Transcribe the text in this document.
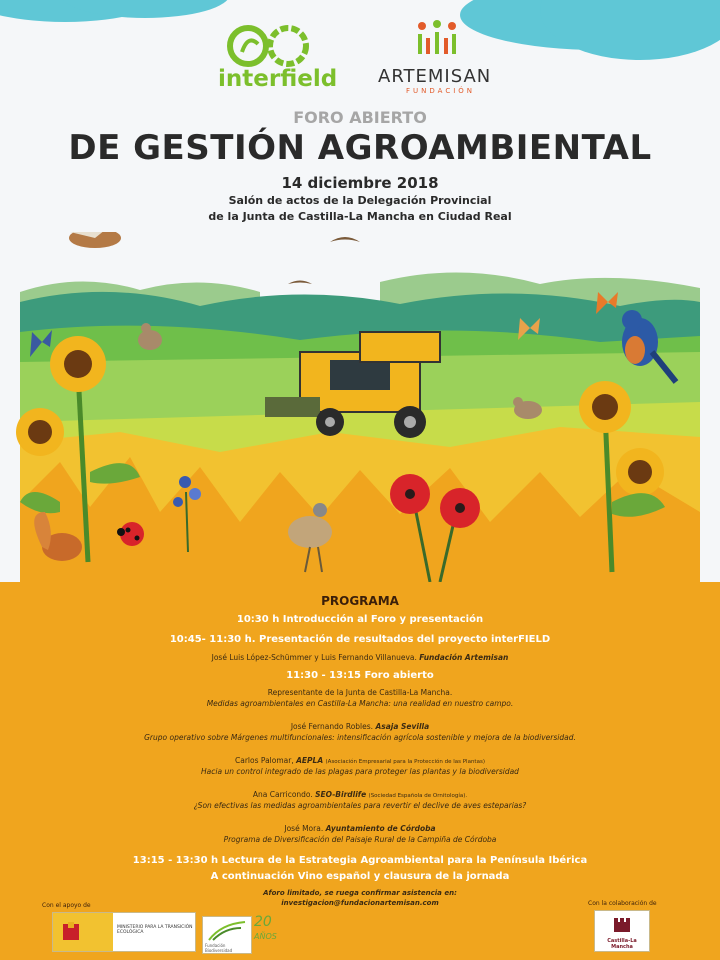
interfield ARTEMISAN
FUNDACIÓN
FORO ABIERTO
DE GESTIÓN AGROAMBIENTAL
14 diciembre 2018
Salón de actos de la Delegación Provincial
de la Junta de Castilla-La Mancha en Ciudad Real
PROGRAMA
10:30 h Introducción al Foro y presentación
10:45- 11:30 h. Presentación de resultados del proyecto interFIELD
José Luis López-Schümmer y Luis Fernando Villanueva. Fundación Artemisan
11:30 - 13:15 Foro abierto
Representante de la Junta de Castilla-La Mancha.
Medidas agroambientales en Castilla-La Mancha: una realidad en nuestro campo.
José Fernando Robles. Asaja Sevilla
Grupo operativo sobre Márgenes multifuncionales: intensificación agrícola sostenible y mejora de la biodiversidad.
Carlos Palomar, AEPLA (Asociación Empresarial para la Protección de las Plantas)
Hacia un control integrado de las plagas para proteger las plantas y la biodiversidad
Ana Carricondo. SEO-Birdlife (Sociedad Española de Ornitología).
¿Son efectivas las medidas agroambientales para revertir el declive de aves esteparias?
José Mora. Ayuntamiento de Córdoba
Programa de Diversificación del Paisaje Rural de la Campiña de Córdoba
13:15 - 13:30 h Lectura de la Estrategia Agroambiental para la Península Ibérica
A continuación Vino español y clausura de la jornada
Aforo limitado, se ruega confirmar asistencia en:
investigacion@fundacionartemisan.com
Con el apoyo de
MINISTERIO PARA LA TRANSICIÓN ECOLÓGICA
Fundación Biodiversidad
20
AÑOS
Con la colaboración de
Castilla-La Mancha
